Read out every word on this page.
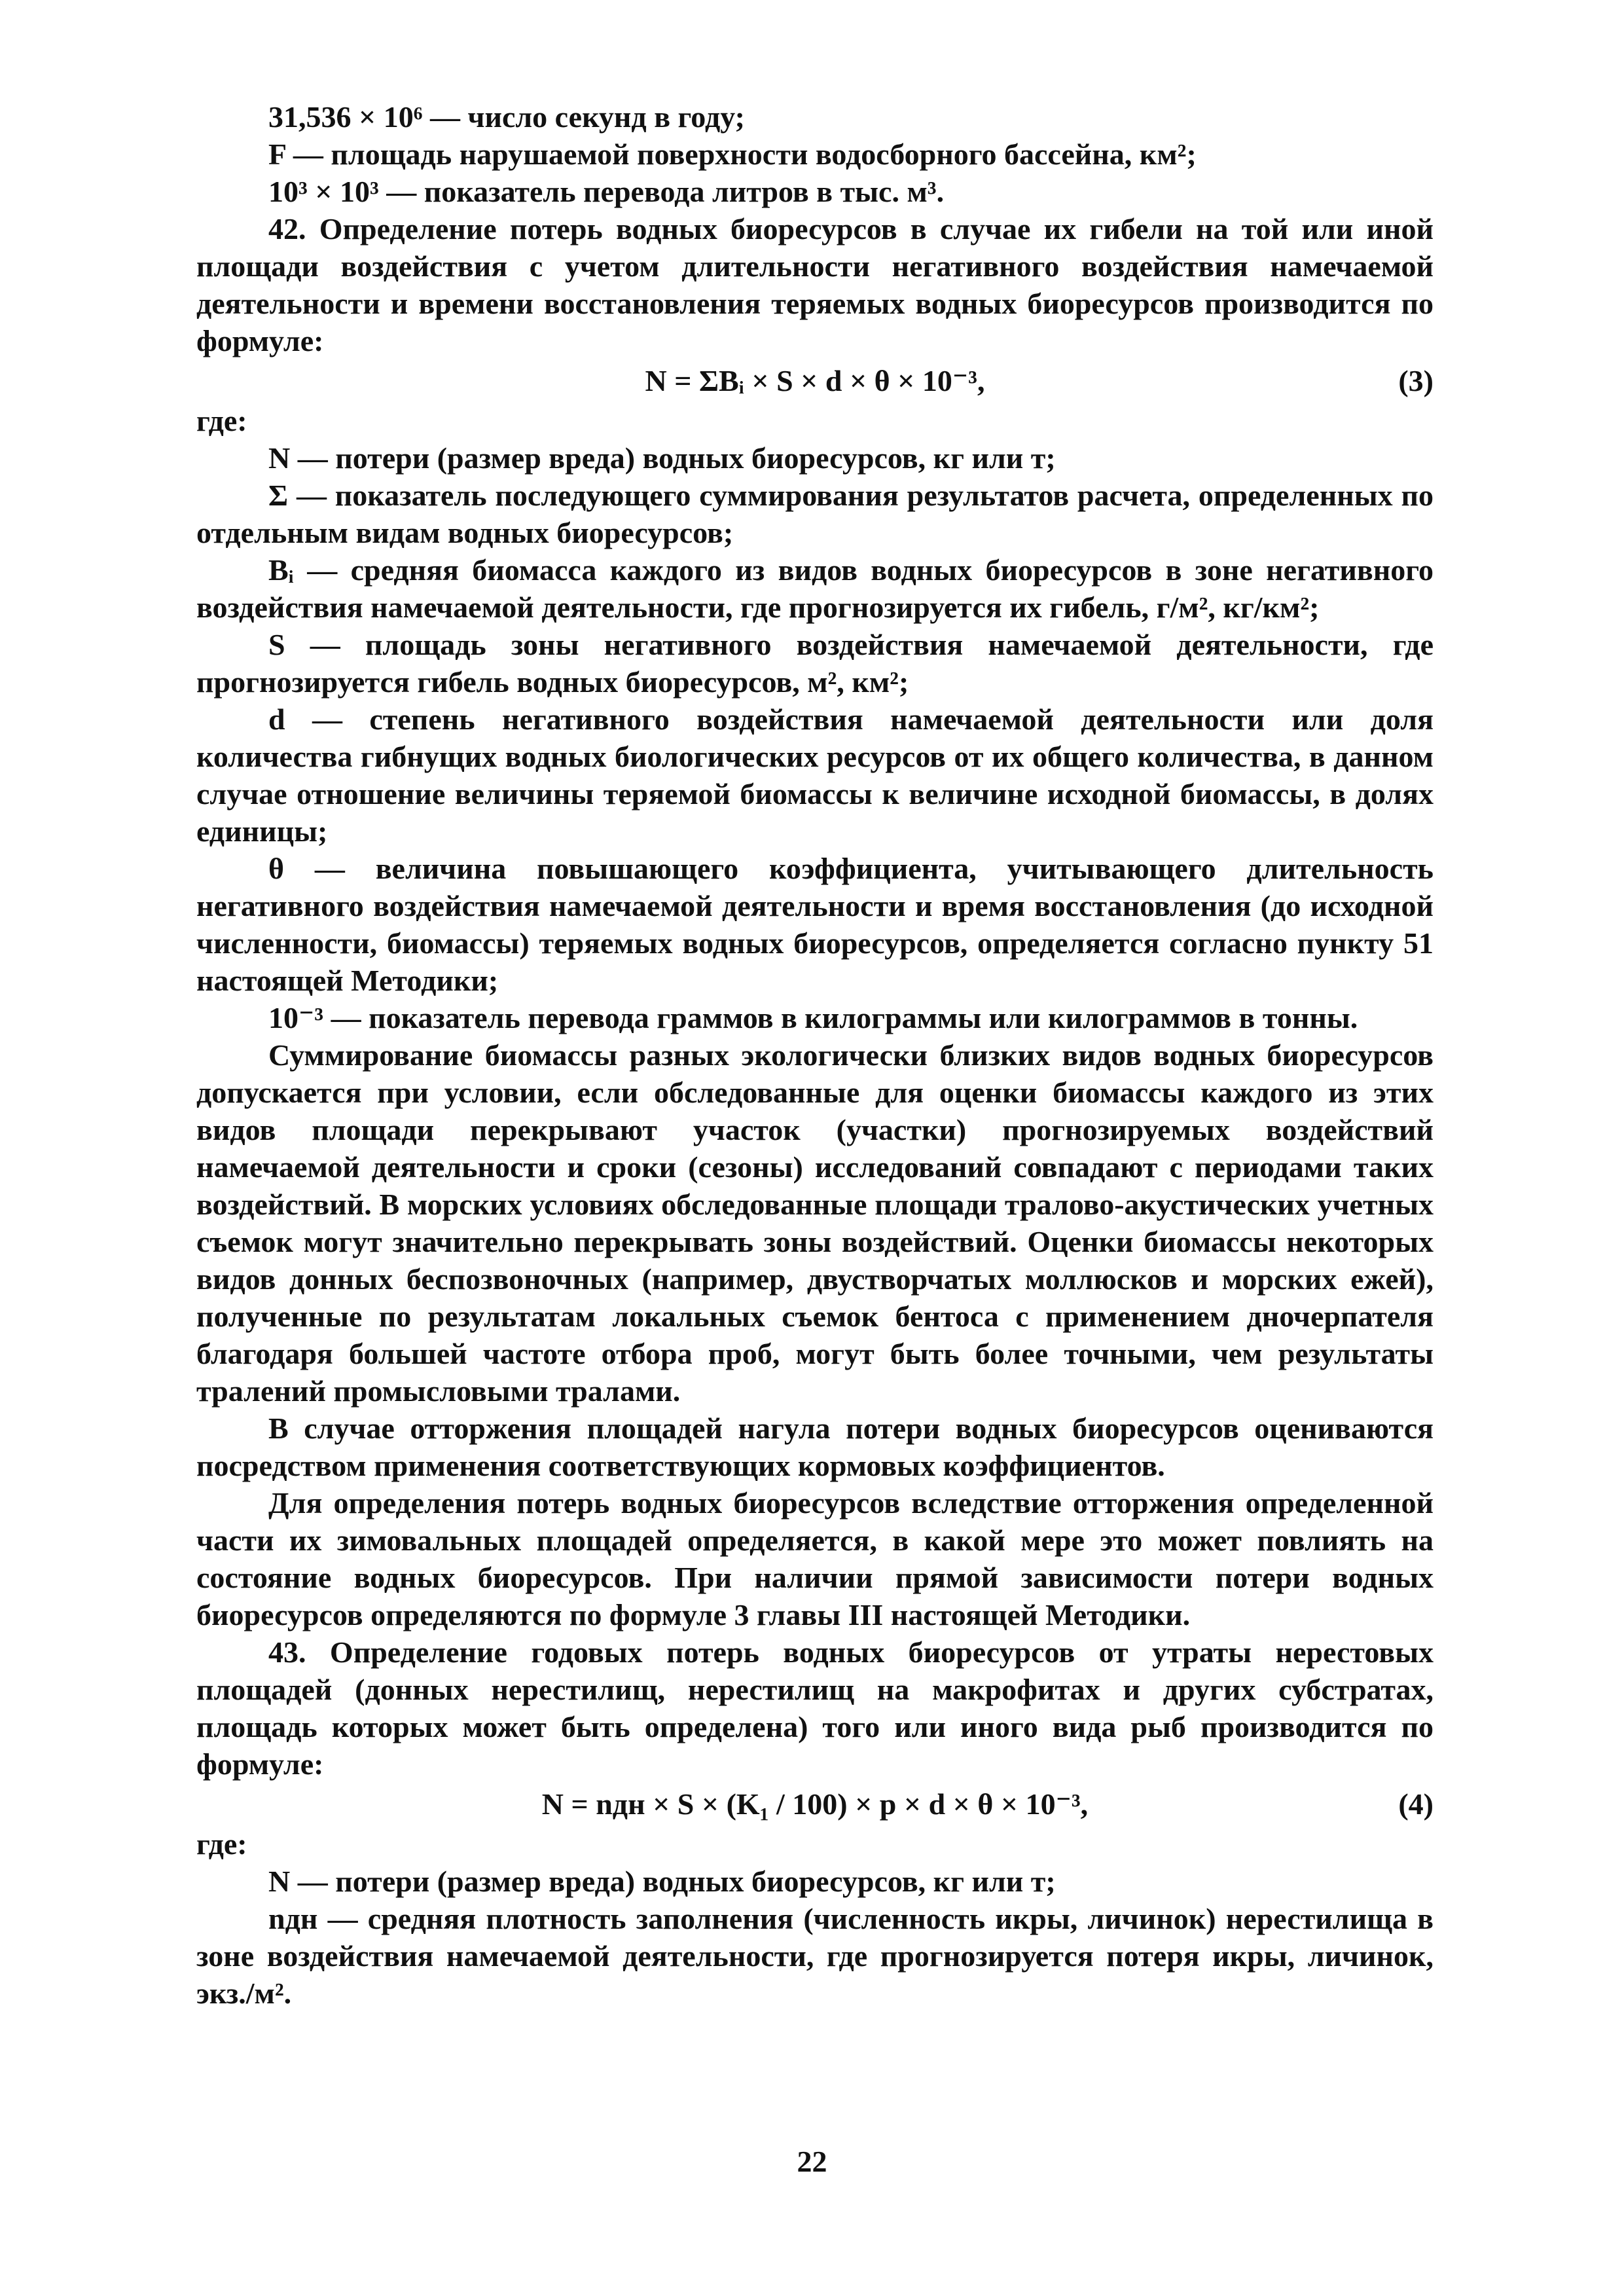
31,536 × 10⁶ — число секунд в году;

F — площадь нарушаемой поверхности водосборного бассейна, км²;

10³ × 10³ — показатель перевода литров в тыс. м³.

42. Определение потерь водных биоресурсов в случае их гибели на той или иной площади воздействия с учетом длительности негативного воздействия намечаемой деятельности и времени восстановления теряемых водных биоресурсов производится по формуле:

N = ΣBᵢ × S × d × θ × 10⁻³,	(3)

где:

N — потери (размер вреда) водных биоресурсов, кг или т;

Σ — показатель последующего суммирования результатов расчета, определенных по отдельным видам водных биоресурсов;

Bᵢ — средняя биомасса каждого из видов водных биоресурсов в зоне негативного воздействия намечаемой деятельности, где прогнозируется их гибель, г/м², кг/км²;

S — площадь зоны негативного воздействия намечаемой деятельности, где прогнозируется гибель водных биоресурсов, м², км²;

d — степень негативного воздействия намечаемой деятельности или доля количества гибнущих водных биологических ресурсов от их общего количества, в данном случае отношение величины теряемой биомассы к величине исходной биомассы, в долях единицы;

θ — величина повышающего коэффициента, учитывающего длительность негативного воздействия намечаемой деятельности и время восстановления (до исходной численности, биомассы) теряемых водных биоресурсов, определяется согласно пункту 51 настоящей Методики;

10⁻³ — показатель перевода граммов в килограммы или килограммов в тонны.

Суммирование биомассы разных экологически близких видов водных биоресурсов допускается при условии, если обследованные для оценки биомассы каждого из этих видов площади перекрывают участок (участки) прогнозируемых воздействий намечаемой деятельности и сроки (сезоны) исследований совпадают с периодами таких воздействий. В морских условиях обследованные площади тралово-акустических учетных съемок могут значительно перекрывать зоны воздействий. Оценки биомассы некоторых видов донных беспозвоночных (например, двустворчатых моллюсков и морских ежей), полученные по результатам локальных съемок бентоса с применением дночерпателя благодаря большей частоте отбора проб, могут быть более точными, чем результаты тралений промысловыми тралами.

В случае отторжения площадей нагула потери водных биоресурсов оцениваются посредством применения соответствующих кормовых коэффициентов.

Для определения потерь водных биоресурсов вследствие отторжения определенной части их зимовальных площадей определяется, в какой мере это может повлиять на состояние водных биоресурсов. При наличии прямой зависимости потери водных биоресурсов определяются по формуле 3 главы III настоящей Методики.

43. Определение годовых потерь водных биоресурсов от утраты нерестовых площадей (донных нерестилищ, нерестилищ на макрофитах и других субстратах, площадь которых может быть определена) того или иного вида рыб производится по формуле:

N = nдн × S × (K₁ / 100) × p × d × θ × 10⁻³,	(4)

где:

N — потери (размер вреда) водных биоресурсов, кг или т;

nдн — средняя плотность заполнения (численность икры, личинок) нерестилища в зоне воздействия намечаемой деятельности, где прогнозируется потеря икры, личинок, экз./м².

22
